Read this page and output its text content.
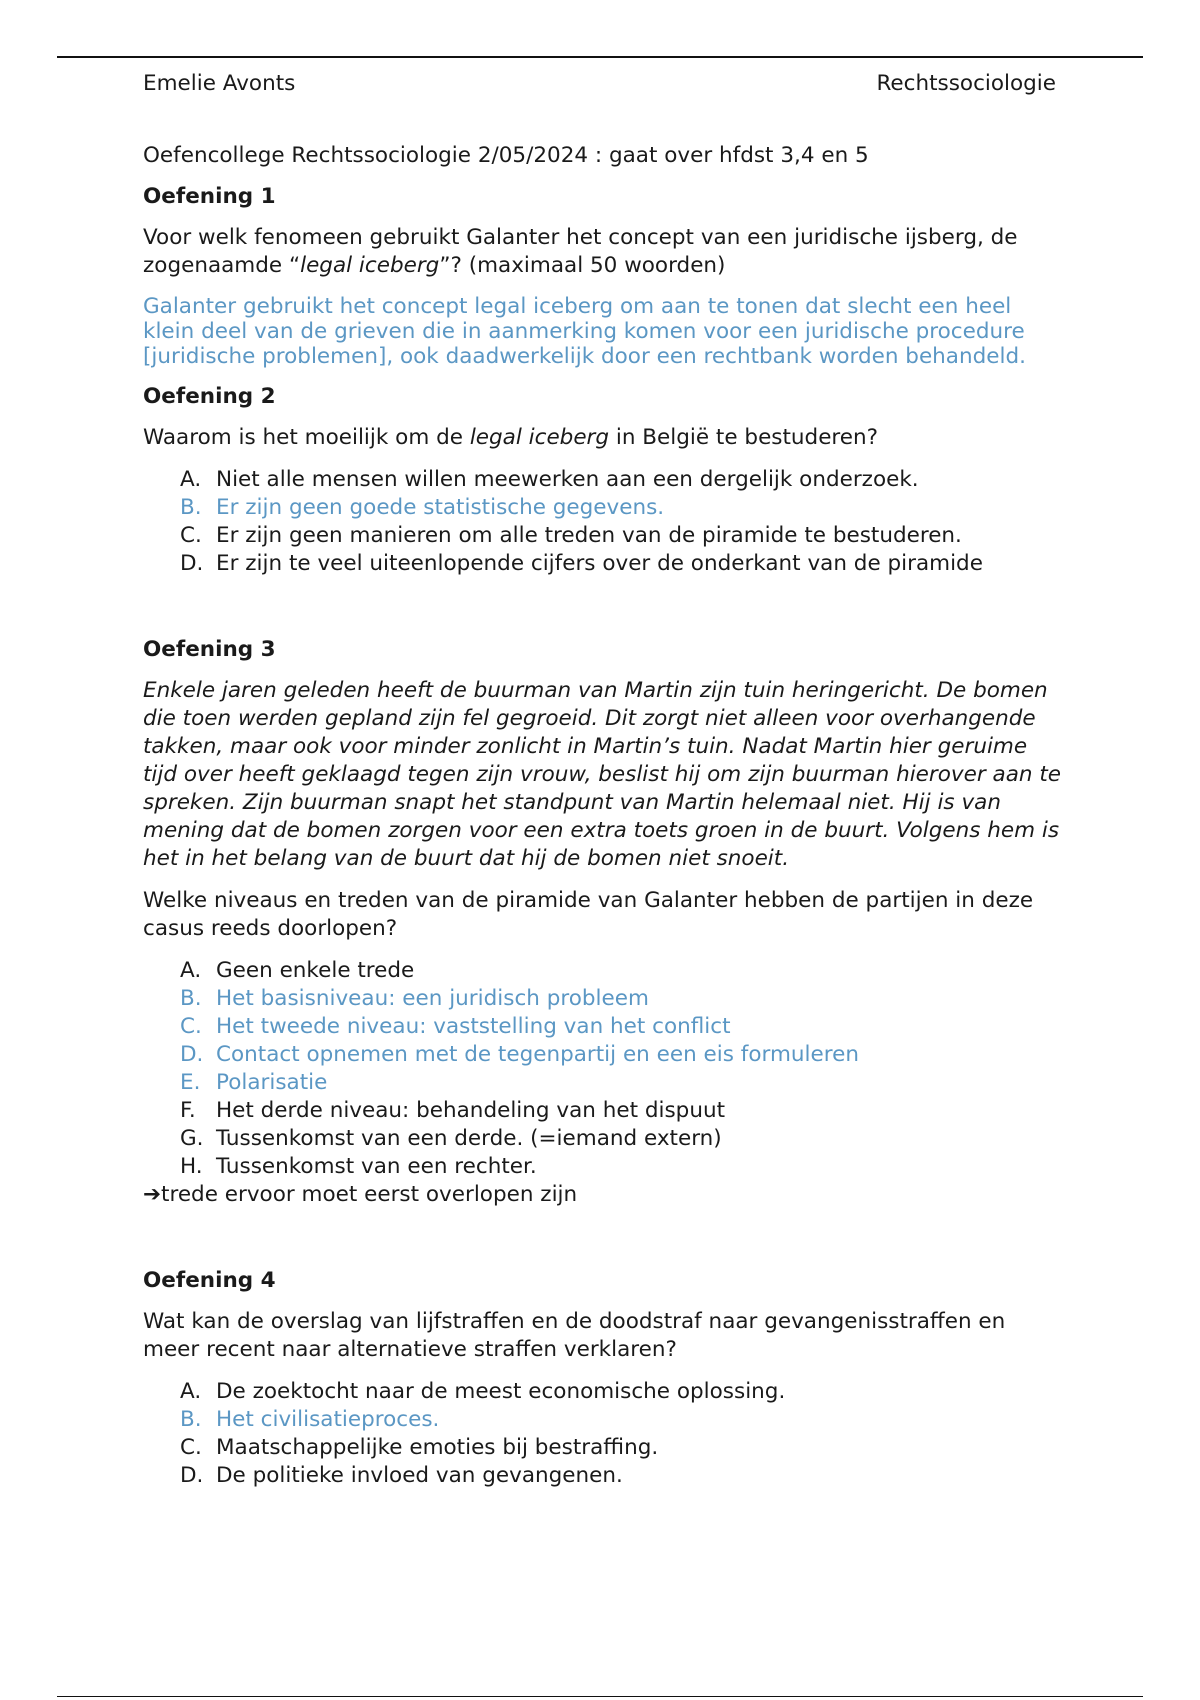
Emelie Avonts	Rechtssociologie

Oefencollege Rechtssociologie 2/05/2024 : gaat over hfdst 3,4 en 5

Oefening 1

Voor welk fenomeen gebruikt Galanter het concept van een juridische ijsberg, de zogenaamde “legal iceberg”? (maximaal 50 woorden)

Galanter gebruikt het concept legal iceberg om aan te tonen dat slecht een heel klein deel van de grieven die in aanmerking komen voor een juridische procedure [juridische problemen], ook daadwerkelijk door een rechtbank worden behandeld.

Oefening 2

Waarom is het moeilijk om de legal iceberg in België te bestuderen?

A. Niet alle mensen willen meewerken aan een dergelijk onderzoek.
B. Er zijn geen goede statistische gegevens.
C. Er zijn geen manieren om alle treden van de piramide te bestuderen.
D. Er zijn te veel uiteenlopende cijfers over de onderkant van de piramide
Oefening 3

Enkele jaren geleden heeft de buurman van Martin zijn tuin heringericht. De bomen die toen werden gepland zijn fel gegroeid. Dit zorgt niet alleen voor overhangende takken, maar ook voor minder zonlicht in Martin’s tuin. Nadat Martin hier geruime tijd over heeft geklaagd tegen zijn vrouw, beslist hij om zijn buurman hierover aan te spreken. Zijn buurman snapt het standpunt van Martin helemaal niet. Hij is van mening dat de bomen zorgen voor een extra toets groen in de buurt. Volgens hem is het in het belang van de buurt dat hij de bomen niet snoeit.

Welke niveaus en treden van de piramide van Galanter hebben de partijen in deze casus reeds doorlopen?

A. Geen enkele trede
B. Het basisniveau: een juridisch probleem
C. Het tweede niveau: vaststelling van het conflict
D. Contact opnemen met de tegenpartij en een eis formuleren
E. Polarisatie
F. Het derde niveau: behandeling van het dispuut
G. Tussenkomst van een derde. (=iemand extern)
H. Tussenkomst van een rechter.

➔ trede ervoor moet eerst overlopen zijn

Oefening 4

Wat kan de overslag van lijfstraffen en de doodstraf naar gevangenisstraffen en meer recent naar alternatieve straffen verklaren?

A. De zoektocht naar de meest economische oplossing.
B. Het civilisatieproces.
C. Maatschappelijke emoties bij bestraffing.
D. De politieke invloed van gevangenen.
